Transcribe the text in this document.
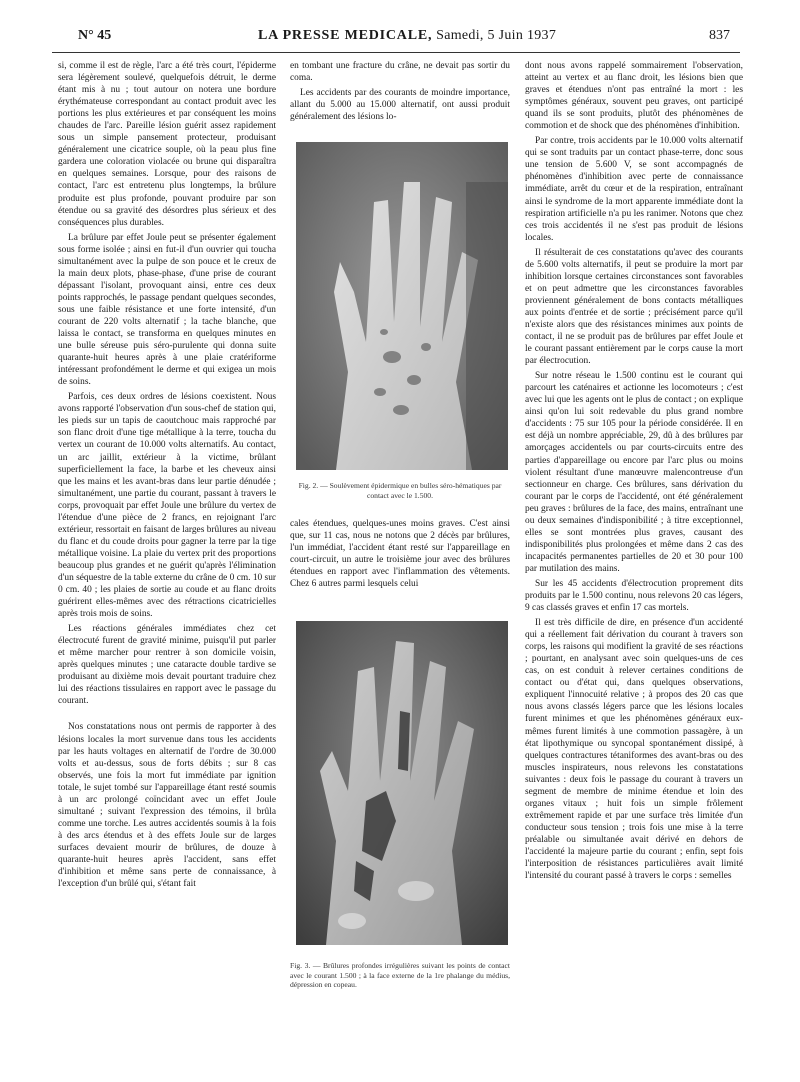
N° 45	LA PRESSE MEDICALE, Samedi, 5 Juin 1937	837

si, comme il est de règle, l'arc a été très court, l'épiderme sera légèrement soulevé, quelquefois détruit, le derme étant mis à nu ; tout autour on notera une bordure érythémateuse correspondant au contact produit avec les portions les plus extérieures et par conséquent les moins chaudes de l'arc. Pareille lésion guérit assez rapidement sous un simple pansement protecteur, produisant généralement une cicatrice souple, où la peau plus fine gardera une coloration violacée ou brune qui disparaîtra en quelques semaines. Lorsque, pour des raisons de contact, l'arc est entretenu plus longtemps, la brûlure produite est plus profonde, pouvant produire par son étendue ou sa gravité des désordres plus sérieux et des conséquences plus durables.

La brûlure par effet Joule peut se présenter également sous forme isolée ; ainsi en fut-il d'un ouvrier qui toucha simultanément avec la pulpe de son pouce et le creux de la main deux plots, phase-phase, d'une prise de courant dépassant l'isolant, provoquant ainsi, entre ces deux points rapprochés, le passage pendant quelques secondes, sous une faible résistance et une forte intensité, d'un courant de 220 volts alternatif ; la tache blanche, que laissa le contact, se transforma en quelques minutes en une bulle séreuse puis séro-purulente qui donna suite quarante-huit heures après à une plaie cratériforme intéressant profondément le derme et qui exigea un mois de soins.

Parfois, ces deux ordres de lésions coexistent. Nous avons rapporté l'observation d'un sous-chef de station qui, les pieds sur un tapis de caoutchouc mais rapproché par son flanc droit d'une tige métallique à la terre, toucha du vertex un courant de 10.000 volts alternatifs. Au contact, un arc jaillit, extérieur à la victime, brûlant superficiellement la face, la barbe et les cheveux ainsi que les mains et les avant-bras dans leur partie dénudée ; simultanément, une partie du courant, passant à travers le corps, provoquait par effet Joule une brûlure du vertex de l'étendue d'une pièce de 2 francs, en rejoignant l'arc extérieur, ressortait en faisant de larges brûlures au niveau du flanc et du coude droits pour gagner la terre par la tige métallique voisine. La plaie du vertex prit des proportions beaucoup plus grandes et ne guérit qu'après l'élimination d'un séquestre de la table externe du crâne de 0 cm. 10 sur 0 cm. 40 ; les plaies de sortie au coude et au flanc droits guérirent elles-mêmes avec des rétractions cicatricielles après trois mois de soins.

Les réactions générales immédiates chez cet électrocuté furent de gravité minime, puisqu'il put parler et même marcher pour rentrer à son domicile voisin, après quelques minutes ; une cataracte double tardive se produisant au dixième mois devait pourtant traduire chez lui des réactions tissulaires en rapport avec le passage du courant.

Nos constatations nous ont permis de rapporter à des lésions locales la mort survenue dans tous les accidents par les hauts voltages en alternatif de l'ordre de 30.000 volts et au-dessus, sous de forts débits ; sur 8 cas observés, une fois la mort fut immédiate par ignition totale, le sujet tombé sur l'appareillage étant resté soumis à un arc prolongé coïncidant avec un effet Joule simultané ; suivant l'expression des témoins, il brûla comme une torche. Les autres accidentés soumis à la fois à des arcs étendus et à des effets Joule sur de larges surfaces devaient mourir de brûlures, de douze à quarante-huit heures après l'accident, sans effet d'inhibition et même sans perte de connaissance, à l'exception d'un brûlé qui, s'étant fait

en tombant une fracture du crâne, ne devait pas sortir du coma.

Les accidents par des courants de moindre importance, allant du 5.000 au 15.000 alternatif, ont aussi produit généralement des lésions lo-

Fig. 2. — Soulèvement épidermique en bulles séro-hématiques par contact avec le 1.500.

cales étendues, quelques-unes moins graves. C'est ainsi que, sur 11 cas, nous ne notons que 2 décès par brûlures, l'un immédiat, l'accident étant resté sur l'appareillage en court-circuit, un autre le troisième jour avec des brûlures étendues en rapport avec l'inflammation des vêtements. Chez 6 autres parmi lesquels celui

Fig. 3. — Brûlures profondes irrégulières suivant les points de contact avec le courant 1.500 ; à la face externe de la 1re phalange du médius, dépression en copeau.

dont nous avons rappelé sommairement l'observation, atteint au vertex et au flanc droit, les lésions bien que graves et étendues n'ont pas entraîné la mort : les symptômes généraux, souvent peu graves, ont participé quand ils se sont produits, plutôt des phénomènes de commotion et de shock que des phénomènes d'inhibition.

Par contre, trois accidents par le 10.000 volts alternatif qui se sont traduits par un contact phase-terre, donc sous une tension de 5.600 V, se sont accompagnés de phénomènes d'inhibition avec perte de connaissance immédiate, arrêt du cœur et de la respiration, entraînant ainsi le syndrome de la mort apparente immédiate dont la respiration artificielle n'a pu les ranimer. Notons que chez ces trois accidentés il ne s'est pas produit de lésions locales.

Il résulterait de ces constatations qu'avec des courants de 5.600 volts alternatifs, il peut se produire la mort par inhibition lorsque certaines circonstances sont favorables et on peut admettre que les circonstances favorables proviennent généralement de bons contacts métalliques aux points d'entrée et de sortie ; précisément parce qu'il n'existe alors que des résistances minimes aux points de contact, il ne se produit pas de brûlures par effet Joule et le courant passant entièrement par le corps cause la mort par électrocution.

Sur notre réseau le 1.500 continu est le courant qui parcourt les caténaires et actionne les locomoteurs ; c'est avec lui que les agents ont le plus de contact ; on explique ainsi qu'on lui soit redevable du plus grand nombre d'accidents : 75 sur 105 pour la période considérée. Il en est déjà un nombre appréciable, 29, dû à des brûlures par amorçages accidentels ou par courts-circuits entre des parties d'appareillage ou encore par l'arc plus ou moins violent résultant d'une manœuvre malencontreuse d'un sectionneur en charge. Ces brûlures, sans dérivation du courant par le corps de l'accidenté, ont été généralement peu graves : brûlures de la face, des mains, entraînant une ou deux semaines d'indisponibilité ; à titre exceptionnel, elles se sont montrées plus graves, causant des indisponibilités plus prolongées et même dans 2 cas des incapacités permanentes partielles de 20 et 30 pour 100 par mutilation des mains.

Sur les 45 accidents d'électrocution proprement dits produits par le 1.500 continu, nous relevons 20 cas légers, 9 cas classés graves et enfin 17 cas mortels.

Il est très difficile de dire, en présence d'un accidenté qui a réellement fait dérivation du courant à travers son corps, les raisons qui modifient la gravité de ses réactions ; pourtant, en analysant avec soin quelques-uns de ces cas, on est conduit à relever certaines conditions de contact ou d'état qui, dans quelques observations, expliquent l'innocuité relative ; à propos des 20 cas que nous avons classés légers parce que les lésions locales furent minimes et que les phénomènes généraux eux-mêmes furent limités à une commotion passagère, à un état lipothymique ou syncopal spontanément dissipé, à quelques contractures tétaniformes des avant-bras ou des muscles inspirateurs, nous relevons les constatations suivantes : deux fois le passage du courant à travers un segment de membre de minime étendue et loin des organes vitaux ; huit fois un simple frôlement extrêmement rapide et par une surface très limitée d'un conducteur sous tension ; trois fois une mise à la terre préalable ou simultanée avait dérivé en dehors de l'accidenté la majeure partie du courant ; enfin, sept fois l'interposition de résistances particulières avait limité l'intensité du courant passé à travers le corps : semelles
